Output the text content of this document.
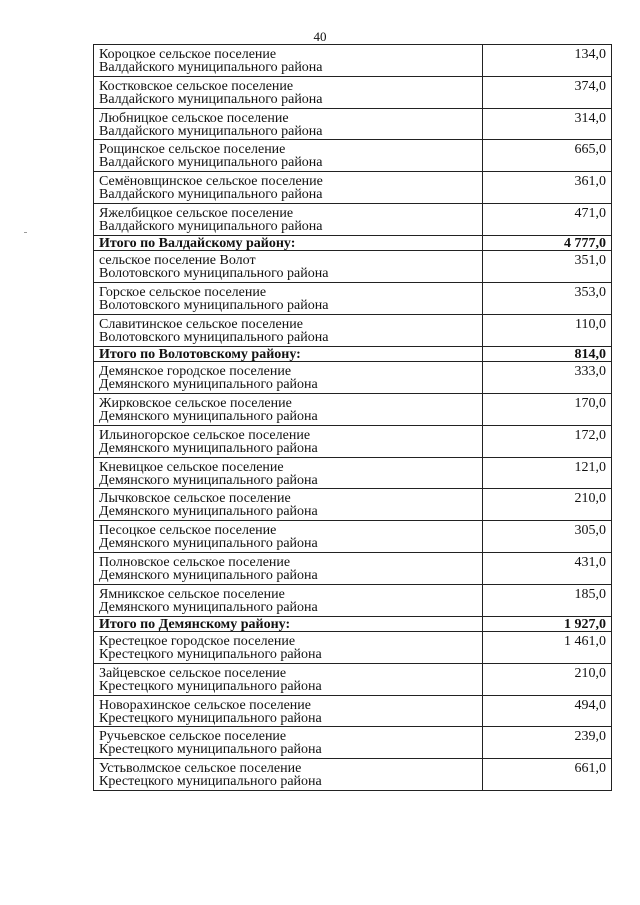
40
Короцкое сельское поселение
Валдайского муниципального района	134,0

Костковское сельское поселение
Валдайского муниципального района	374,0

Любницкое сельское поселение
Валдайского муниципального района	314,0

Рощинское сельское поселение
Валдайского муниципального района	665,0

Семёновщинское сельское поселение
Валдайского муниципального района	361,0

Яжелбицкое сельское поселение
Валдайского муниципального района	471,0
Итого по Валдайскому району:	4 777,0

сельское поселение Волот
Волотовского муниципального района	351,0

Горское сельское поселение
Волотовского муниципального района	353,0

Славитинское сельское поселение
Волотовского муниципального района	110,0
Итого по Волотовскому району:	814,0

Демянское городское поселение
Демянского муниципального района	333,0

Жирковское сельское поселение
Демянского муниципального района	170,0

Ильиногорское сельское поселение
Демянского муниципального района	172,0

Кневицкое сельское поселение
Демянского муниципального района	121,0

Лычковское сельское поселение
Демянского муниципального района	210,0

Песоцкое сельское поселение
Демянского муниципального района	305,0

Полновское сельское поселение
Демянского муниципального района	431,0

Ямникское сельское поселение
Демянского муниципального района	185,0
Итого по Демянскому району:	1 927,0

Крестецкое городское поселение
Крестецкого муниципального района	1 461,0

Зайцевское сельское поселение
Крестецкого муниципального района	210,0

Новорахинское сельское поселение
Крестецкого муниципального района	494,0

Ручьевское сельское поселение
Крестецкого муниципального района	239,0

Устьволмское сельское поселение
Крестецкого муниципального района	661,0
